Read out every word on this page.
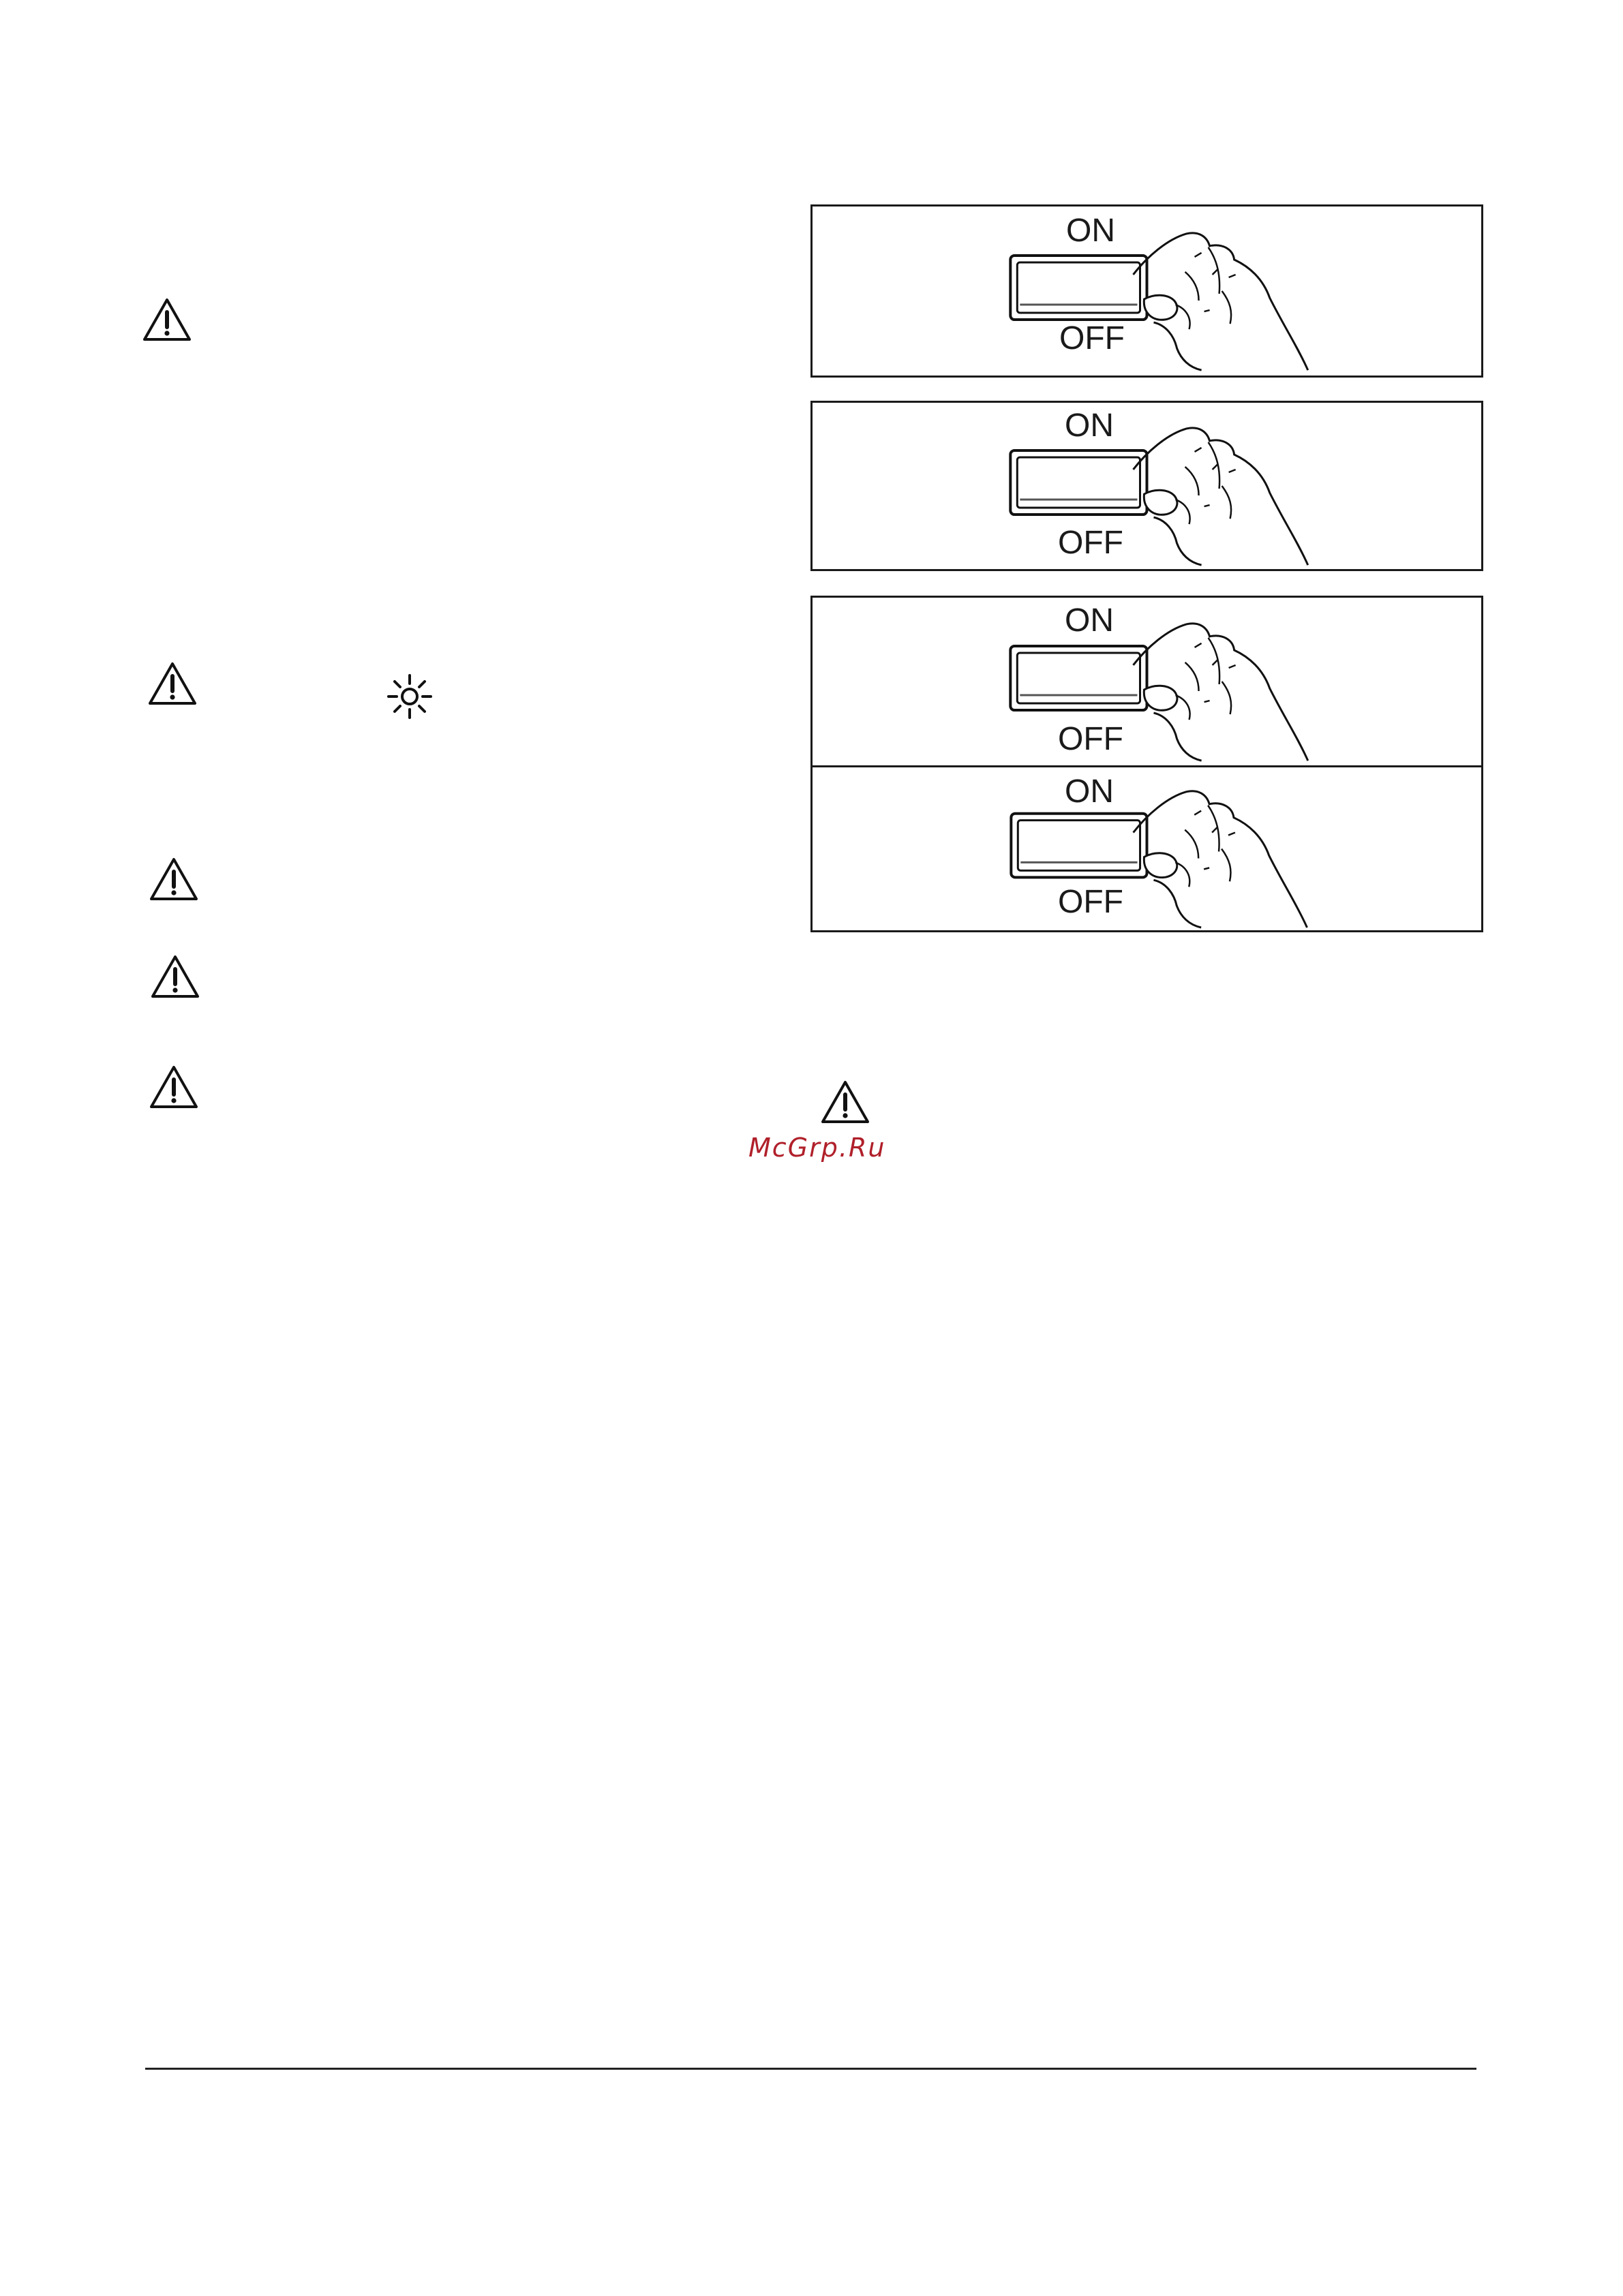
ON
OFF
ON
OFF
ON
OFF
ON
OFF
McGrp.Ru
